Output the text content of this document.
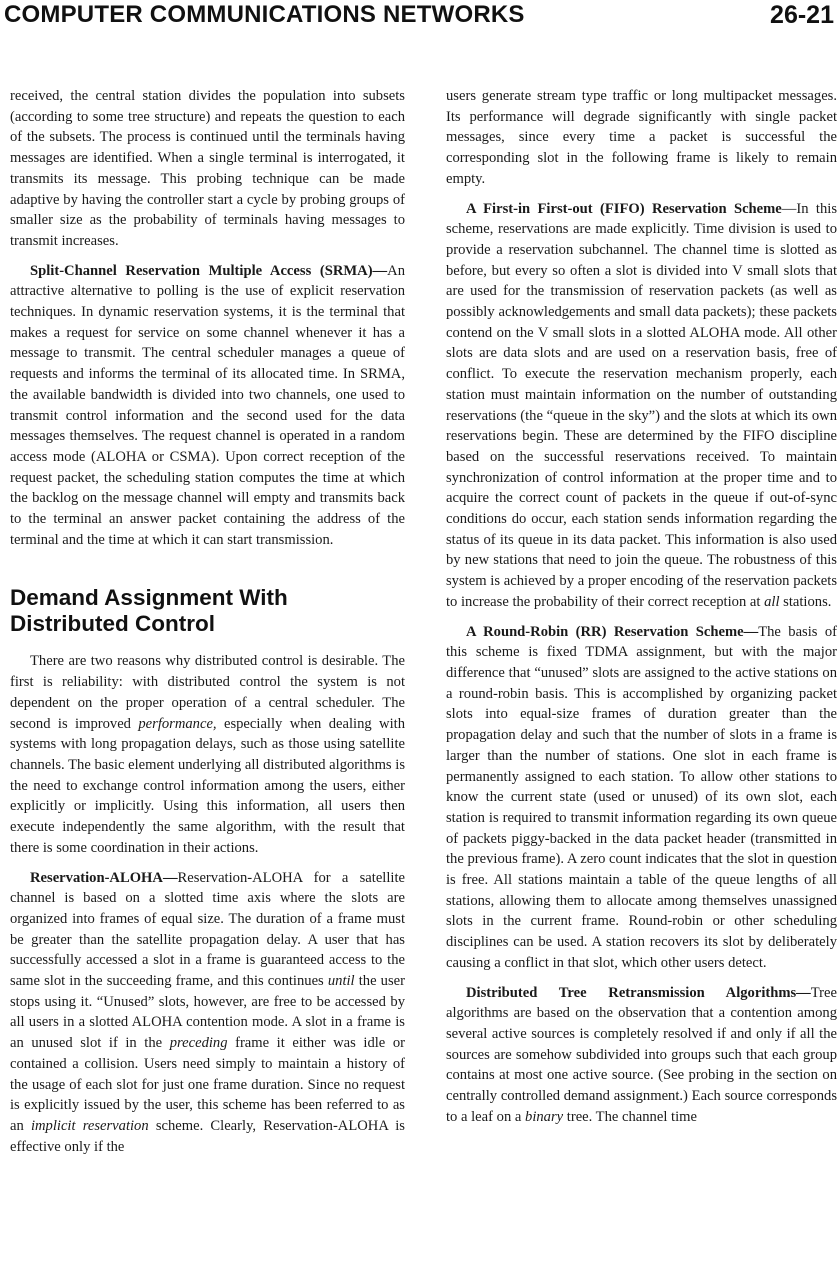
COMPUTER COMMUNICATIONS NETWORKS	26-21

received, the central station divides the population into subsets (according to some tree structure) and repeats the question to each of the subsets. The process is continued until the terminals having messages are identified. When a single terminal is interrogated, it transmits its message. This probing technique can be made adaptive by having the controller start a cycle by probing groups of smaller size as the probability of terminals having messages to transmit increases.

Split-Channel Reservation Multiple Access (SRMA)—An attractive alternative to polling is the use of explicit reservation techniques. In dynamic reservation systems, it is the terminal that makes a request for service on some channel whenever it has a message to transmit. The central scheduler manages a queue of requests and informs the terminal of its allocated time. In SRMA, the available bandwidth is divided into two channels, one used to transmit control information and the second used for the data messages themselves. The request channel is operated in a random access mode (ALOHA or CSMA). Upon correct reception of the request packet, the scheduling station computes the time at which the backlog on the message channel will empty and transmits back to the terminal an answer packet containing the address of the terminal and the time at which it can start transmission.

Demand Assignment With Distributed Control

There are two reasons why distributed control is desirable. The first is reliability: with distributed control the system is not dependent on the proper operation of a central scheduler. The second is improved performance, especially when dealing with systems with long propagation delays, such as those using satellite channels. The basic element underlying all distributed algorithms is the need to exchange control information among the users, either explicitly or implicitly. Using this information, all users then execute independently the same algorithm, with the result that there is some coordination in their actions.

Reservation-ALOHA—Reservation-ALOHA for a satellite channel is based on a slotted time axis where the slots are organized into frames of equal size. The duration of a frame must be greater than the satellite propagation delay. A user that has successfully accessed a slot in a frame is guaranteed access to the same slot in the succeeding frame, and this continues until the user stops using it. “Unused” slots, however, are free to be accessed by all users in a slotted ALOHA contention mode. A slot in a frame is an unused slot if in the preceding frame it either was idle or contained a collision. Users need simply to maintain a history of the usage of each slot for just one frame duration. Since no request is explicitly issued by the user, this scheme has been referred to as an implicit reservation scheme. Clearly, Reservation-ALOHA is effective only if the

users generate stream type traffic or long multipacket messages. Its performance will degrade significantly with single packet messages, since every time a packet is successful the corresponding slot in the following frame is likely to remain empty.

A First-in First-out (FIFO) Reservation Scheme—In this scheme, reservations are made explicitly. Time division is used to provide a reservation subchannel. The channel time is slotted as before, but every so often a slot is divided into V small slots that are used for the transmission of reservation packets (as well as possibly acknowledgements and small data packets); these packets contend on the V small slots in a slotted ALOHA mode. All other slots are data slots and are used on a reservation basis, free of conflict. To execute the reservation mechanism properly, each station must maintain information on the number of outstanding reservations (the “queue in the sky”) and the slots at which its own reservations begin. These are determined by the FIFO discipline based on the successful reservations received. To maintain synchronization of control information at the proper time and to acquire the correct count of packets in the queue if out-of-sync conditions do occur, each station sends information regarding the status of its queue in its data packet. This information is also used by new stations that need to join the queue. The robustness of this system is achieved by a proper encoding of the reservation packets to increase the probability of their correct reception at all stations.

A Round-Robin (RR) Reservation Scheme—The basis of this scheme is fixed TDMA assignment, but with the major difference that “unused” slots are assigned to the active stations on a round-robin basis. This is accomplished by organizing packet slots into equal-size frames of duration greater than the propagation delay and such that the number of slots in a frame is larger than the number of stations. One slot in each frame is permanently assigned to each station. To allow other stations to know the current state (used or unused) of its own slot, each station is required to transmit information regarding its own queue of packets piggy-backed in the data packet header (transmitted in the previous frame). A zero count indicates that the slot in question is free. All stations maintain a table of the queue lengths of all stations, allowing them to allocate among themselves unassigned slots in the current frame. Round-robin or other scheduling disciplines can be used. A station recovers its slot by deliberately causing a conflict in that slot, which other users detect.

Distributed Tree Retransmission Algorithms—Tree algorithms are based on the observation that a contention among several active sources is completely resolved if and only if all the sources are somehow subdivided into groups such that each group contains at most one active source. (See probing in the section on centrally controlled demand assignment.) Each source corresponds to a leaf on a binary tree. The channel time
